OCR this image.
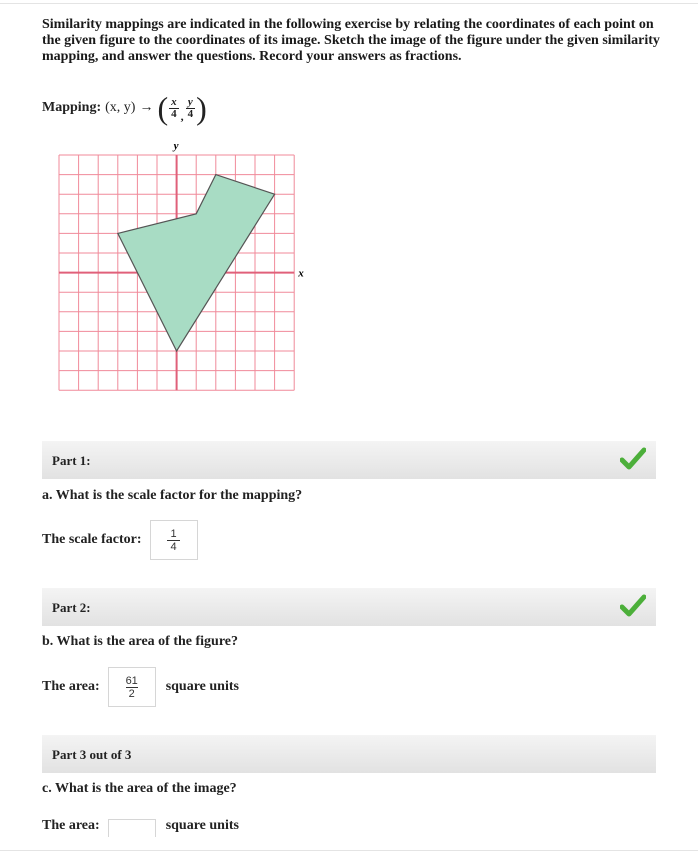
Similarity mappings are indicated in the following exercise by relating the coordinates of each point on the given figure to the coordinates of its image. Sketch the image of the figure under the given similarity mapping, and answer the questions. Record your answers as fractions.
Mapping: (x, y) → ( $\frac{x}{4}$ , $\frac{y}{4}$ )
y
x
Part 1:
a. What is the scale factor for the mapping?
The scale factor: $\frac{1}{4}$
Part 2:
b. What is the area of the figure?
The area: $\frac{61}{2}$ square units
Part 3 out of 3
c. What is the area of the image?
The area:	square units
